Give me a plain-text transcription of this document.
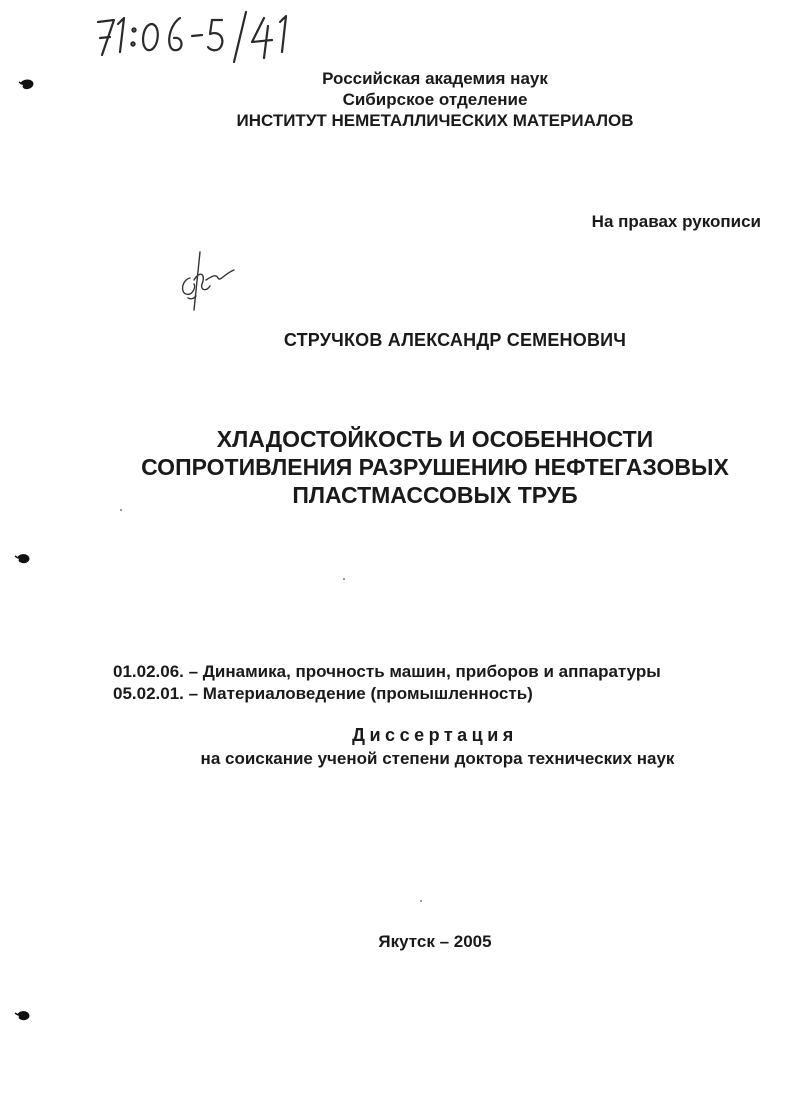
Российская академия наук
Сибирское отделение
ИНСТИТУТ НЕМЕТАЛЛИЧЕСКИХ МАТЕРИАЛОВ
На правах рукописи
СТРУЧКОВ АЛЕКСАНДР СЕМЕНОВИЧ
ХЛАДОСТОЙКОСТЬ И ОСОБЕННОСТИ
СОПРОТИВЛЕНИЯ РАЗРУШЕНИЮ НЕФТЕГАЗОВЫХ
ПЛАСТМАССОВЫХ ТРУБ
01.02.06. – Динамика, прочность машин, приборов и аппаратуры
05.02.01. – Материаловедение (промышленность)
Диссертация
на соискание ученой степени доктора технических наук
Якутск – 2005
